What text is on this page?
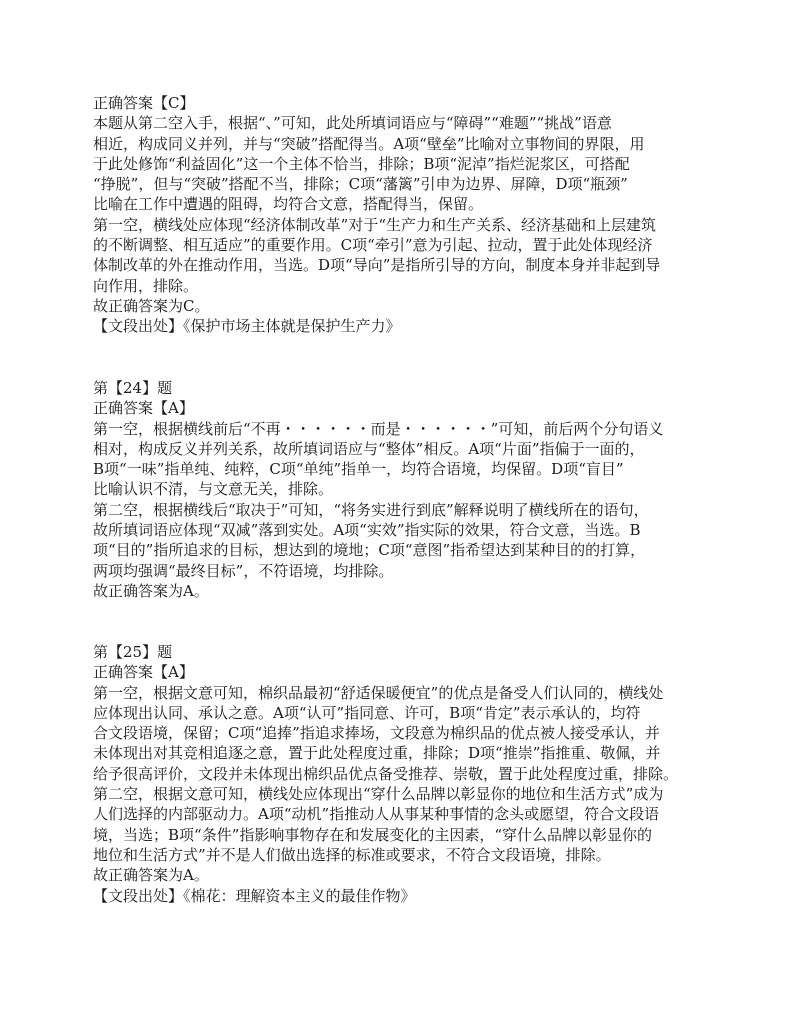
正确答案【C】
本题从第二空入手，根据“、”可知，此处所填词语应与“障碍”“难题”“挑战”语意
相近，构成同义并列，并与“突破”搭配得当。A项“壁垒”比喻对立事物间的界限，用
于此处修饰“利益固化”这一个主体不恰当，排除；B项“泥淖”指烂泥浆区，可搭配
“挣脱”，但与“突破”搭配不当，排除；C项“藩篱”引申为边界、屏障，D项“瓶颈”
比喻在工作中遭遇的阻碍，均符合文意，搭配得当，保留。
第一空，横线处应体现“经济体制改革”对于“生产力和生产关系、经济基础和上层建筑
的不断调整、相互适应”的重要作用。C项“牵引”意为引起、拉动，置于此处体现经济
体制改革的外在推动作用，当选。D项“导向”是指所引导的方向，制度本身并非起到导
向作用，排除。
故正确答案为C。
【文段出处】《保护市场主体就是保护生产力》
第【24】题
正确答案【A】
第一空，根据横线前后“不再・・・・・・而是・・・・・・”可知，前后两个分句语义
相对，构成反义并列关系，故所填词语应与“整体”相反。A项“片面”指偏于一面的，
B项“一味”指单纯、纯粹，C项“单纯”指单一，均符合语境，均保留。D项“盲目”
比喻认识不清，与文意无关，排除。
第二空，根据横线后“取决于”可知，“将务实进行到底”解释说明了横线所在的语句，
故所填词语应体现“双减”落到实处。A项“实效”指实际的效果，符合文意，当选。B
项“目的”指所追求的目标，想达到的境地；C项“意图”指希望达到某种目的的打算，
两项均强调“最终目标”，不符语境，均排除。
故正确答案为A。
第【25】题
正确答案【A】
第一空，根据文意可知，棉织品最初“舒适保暖便宜”的优点是备受人们认同的，横线处
应体现出认同、承认之意。A项“认可”指同意、许可，B项“肯定”表示承认的，均符
合文段语境，保留；C项“追捧”指追求捧场，文段意为棉织品的优点被人接受承认，并
未体现出对其竞相追逐之意，置于此处程度过重，排除；D项“推崇”指推重、敬佩，并
给予很高评价，文段并未体现出棉织品优点备受推荐、崇敬，置于此处程度过重，排除。
第二空，根据文意可知，横线处应体现出“穿什么品牌以彰显你的地位和生活方式”成为
人们选择的内部驱动力。A项“动机”指推动人从事某种事情的念头或愿望，符合文段语
境，当选；B项“条件”指影响事物存在和发展变化的主因素，“穿什么品牌以彰显你的
地位和生活方式”并不是人们做出选择的标准或要求，不符合文段语境，排除。
故正确答案为A。
【文段出处】《棉花：理解资本主义的最佳作物》
